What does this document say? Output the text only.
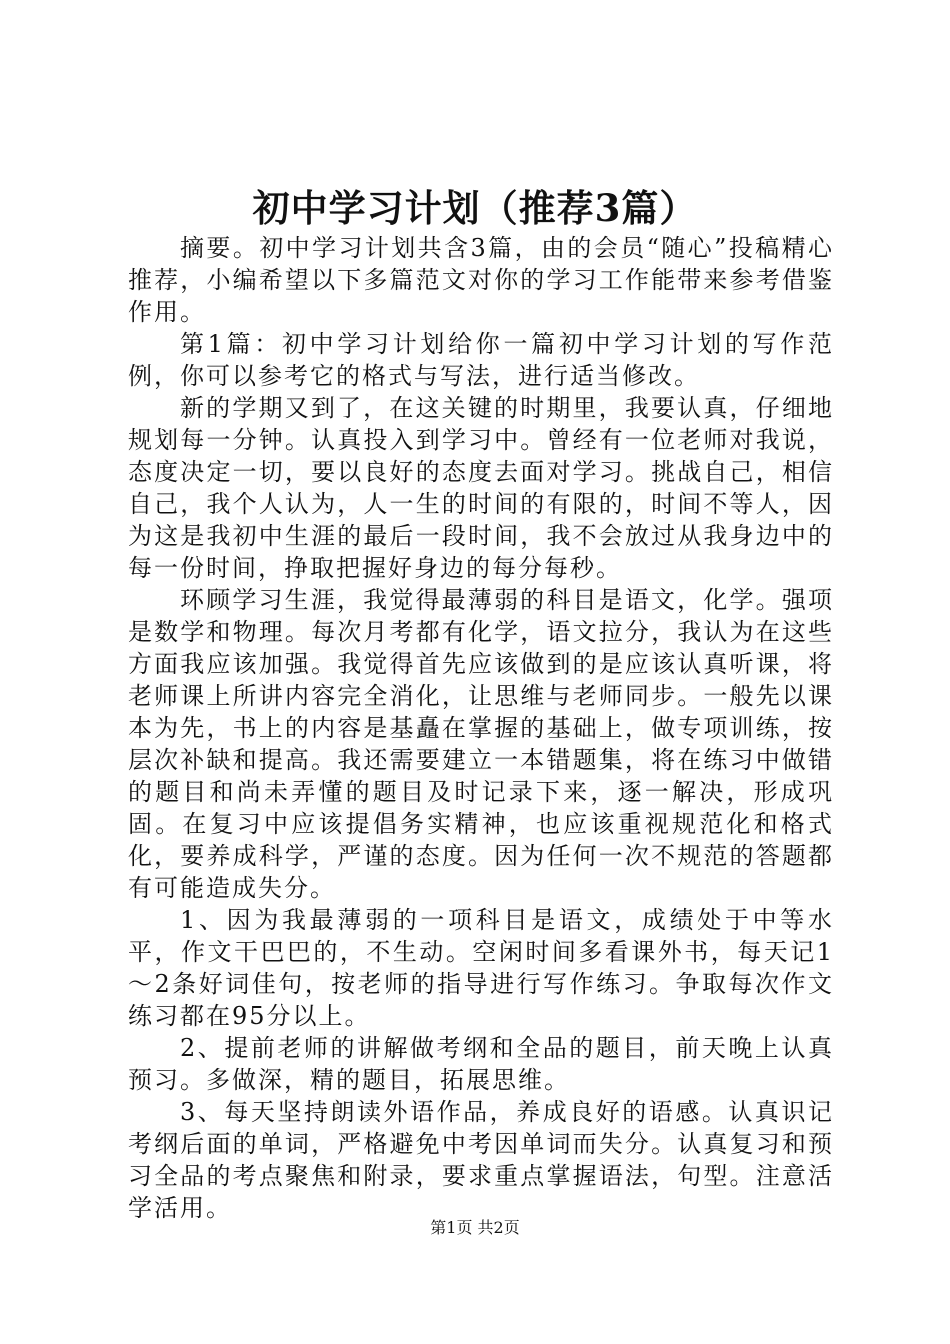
初中学习计划（推荐3篇）

摘要。初中学习计划共含3篇，由的会员“随心”投稿精心推荐，小编希望以下多篇范文对你的学习工作能带来参考借鉴作用。

第1篇：初中学习计划给你一篇初中学习计划的写作范例，你可以参考它的格式与写法，进行适当修改。

新的学期又到了，在这关键的时期里，我要认真，仔细地规划每一分钟。认真投入到学习中。曾经有一位老师对我说，态度决定一切，要以良好的态度去面对学习。挑战自己，相信自己，我个人认为，人一生的时间的有限的，时间不等人，因为这是我初中生涯的最后一段时间，我不会放过从我身边中的每一份时间，挣取把握好身边的每分每秒。

环顾学习生涯，我觉得最薄弱的科目是语文，化学。强项是数学和物理。每次月考都有化学，语文拉分，我认为在这些方面我应该加强。我觉得首先应该做到的是应该认真听课，将老师课上所讲内容完全消化，让思维与老师同步。一般先以课本为先，书上的内容是基矗在掌握的基础上，做专项训练，按层次补缺和提高。我还需要建立一本错题集，将在练习中做错的题目和尚未弄懂的题目及时记录下来，逐一解决，形成巩固。在复习中应该提倡务实精神，也应该重视规范化和格式化，要养成科学，严谨的态度。因为任何一次不规范的答题都有可能造成失分。

1、因为我最薄弱的一项科目是语文，成绩处于中等水平，作文干巴巴的，不生动。空闲时间多看课外书，每天记1～2条好词佳句，按老师的指导进行写作练习。争取每次作文练习都在95分以上。

2、提前老师的讲解做考纲和全品的题目，前天晚上认真预习。多做深，精的题目，拓展思维。

3、每天坚持朗读外语作品，养成良好的语感。认真识记考纲后面的单词，严格避免中考因单词而失分。认真复习和预习全品的考点聚焦和附录，要求重点掌握语法，句型。注意活学活用。

第1页 共2页
